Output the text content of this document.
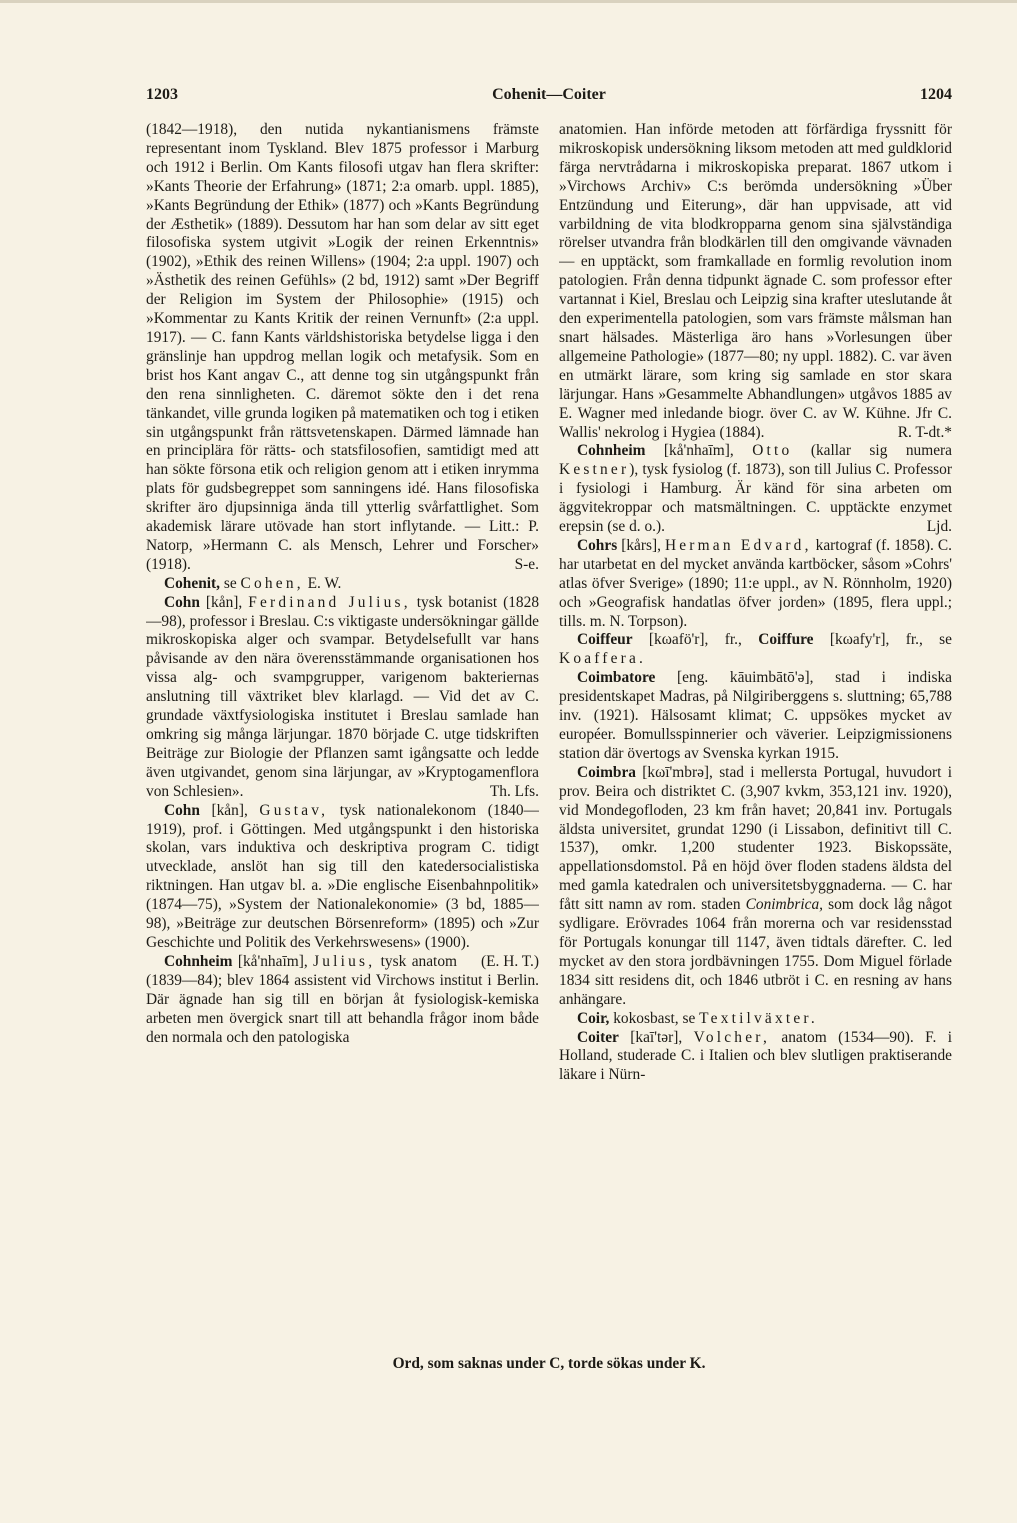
1203	Cohenit—Coiter	1204

(1842—1918), den nutida nykantianismens främste representant inom Tyskland. Blev 1875 professor i Marburg och 1912 i Berlin. Om Kants filosofi utgav han flera skrifter: »Kants Theorie der Erfahrung» (1871; 2:a omarb. uppl. 1885), »Kants Begründung der Ethik» (1877) och »Kants Begründung der Æsthetik» (1889). Dessutom har han som delar av sitt eget filosofiska system utgivit »Logik der reinen Erkenntnis» (1902), »Ethik des reinen Willens» (1904; 2:a uppl. 1907) och »Ästhetik des reinen Gefühls» (2 bd, 1912) samt »Der Begriff der Religion im System der Philosophie» (1915) och »Kommentar zu Kants Kritik der reinen Vernunft» (2:a uppl. 1917). — C. fann Kants världshistoriska betydelse ligga i den gränslinje han uppdrog mellan logik och metafysik. Som en brist hos Kant angav C., att denne tog sin utgångspunkt från den rena sinnligheten. C. däremot sökte den i det rena tänkandet, ville grunda logiken på matematiken och tog i etiken sin utgångspunkt från rättsvetenskapen. Därmed lämnade han en principlära för rätts- och statsfilosofien, samtidigt med att han sökte försona etik och religion genom att i etiken inrymma plats för gudsbegreppet som sanningens idé. Hans filosofiska skrifter äro djupsinniga ända till ytterlig svårfattlighet. Som akademisk lärare utövade han stort inflytande. — Litt.: P. Natorp, »Hermann C. als Mensch, Lehrer und Forscher» (1918).	S-e.

Cohenit, se Cohen, E. W.

Cohn [kån], Ferdinand Julius, tysk botanist (1828—98), professor i Breslau. C:s viktigaste undersökningar gällde mikroskopiska alger och svampar. Betydelsefullt var hans påvisande av den nära överensstämmande organisationen hos vissa alg- och svampgrupper, varigenom bakteriernas anslutning till växtriket blev klarlagd. — Vid det av C. grundade växtfysiologiska institutet i Breslau samlade han omkring sig många lärjungar. 1870 började C. utge tidskriften Beiträge zur Biologie der Pflanzen samt igångsatte och ledde även utgivandet, genom sina lärjungar, av »Kryptogamenflora von Schlesien».	Th. Lfs.

Cohn [kån], Gustav, tysk nationalekonom (1840—1919), prof. i Göttingen. Med utgångspunkt i den historiska skolan, vars induktiva och deskriptiva program C. tidigt utvecklade, anslöt han sig till den katedersocialistiska riktningen. Han utgav bl. a. »Die englische Eisenbahnpolitik» (1874—75), »System der Nationalekonomie» (3 bd, 1885—98), »Beiträge zur deutschen Börsenreform» (1895) och »Zur Geschichte und Politik des Verkehrswesens» (1900).
(E. H. T.)

Cohnheim [kå'nhaīm], Julius, tysk anatom (1839—84); blev 1864 assistent vid Virchows institut i Berlin. Där ägnade han sig till en början åt fysiologisk-kemiska arbeten men övergick snart till att behandla frågor inom både den normala och den patologiska

anatomien. Han införde metoden att förfärdiga fryssnitt för mikroskopisk undersökning liksom metoden att med guldklorid färga nervtrådarna i mikroskopiska preparat. 1867 utkom i »Virchows Archiv» C:s berömda undersökning »Über Entzündung und Eiterung», där han uppvisade, att vid varbildning de vita blodkropparna genom sina självständiga rörelser utvandra från blodkärlen till den omgivande vävnaden — en upptäckt, som framkallade en formlig revolution inom patologien. Från denna tidpunkt ägnade C. som professor efter vartannat i Kiel, Breslau och Leipzig sina krafter uteslutande åt den experimentella patologien, som vars främste målsman han snart hälsades. Mästerliga äro hans »Vorlesungen über allgemeine Pathologie» (1877—80; ny uppl. 1882). C. var även en utmärkt lärare, som kring sig samlade en stor skara lärjungar. Hans »Gesammelte Abhandlungen» utgåvos 1885 av E. Wagner med inledande biogr. över C. av W. Kühne. Jfr C. Wallis' nekrolog i Hygiea (1884).	R. T-dt.*

Cohnheim [kå'nhaīm], Otto (kallar sig numera Kestner), tysk fysiolog (f. 1873), son till Julius C. Professor i fysiologi i Hamburg. Är känd för sina arbeten om äggvitekroppar och matsmältningen. C. upptäckte enzymet erepsin (se d. o.).	Ljd.

Cohrs [kårs], Herman Edvard, kartograf (f. 1858). C. har utarbetat en del mycket använda kartböcker, såsom »Cohrs' atlas öfver Sverige» (1890; 11:e uppl., av N. Rönnholm, 1920) och »Geografisk handatlas öfver jorden» (1895, flera uppl.; tills. m. N. Torpson).

Coiffeur [kωafö'r], fr., Coiffure [kωafy'r], fr., se Koaffera.

Coimbatore [eng. kāuimbātō'ə], stad i indiska presidentskapet Madras, på Nilgiriberggens s. sluttning; 65,788 inv. (1921). Hälsosamt klimat; C. uppsökes mycket av européer. Bomullsspinnerier och väverier. Leipzigmissionens station där övertogs av Svenska kyrkan 1915.

Coimbra [kωī'mbrə], stad i mellersta Portugal, huvudort i prov. Beira och distriktet C. (3,907 kvkm, 353,121 inv. 1920), vid Mondegofloden, 23 km från havet; 20,841 inv. Portugals äldsta universitet, grundat 1290 (i Lissabon, definitivt till C. 1537), omkr. 1,200 studenter 1923. Biskopssäte, appellationsdomstol. På en höjd över floden stadens äldsta del med gamla katedralen och universitetsbyggnaderna. — C. har fått sitt namn av rom. staden Conimbrica, som dock låg något sydligare. Erövrades 1064 från morerna och var residensstad för Portugals konungar till 1147, även tidtals därefter. C. led mycket av den stora jordbävningen 1755. Dom Miguel förlade 1834 sitt residens dit, och 1846 utbröt i C. en resning av hans anhängare.

Coir, kokosbast, se Textilväxter.

Coiter [kaī'tər], Volcher, anatom (1534—90). F. i Holland, studerade C. i Italien och blev slutligen praktiserande läkare i Nürn-

Ord, som saknas under C, torde sökas under K.
